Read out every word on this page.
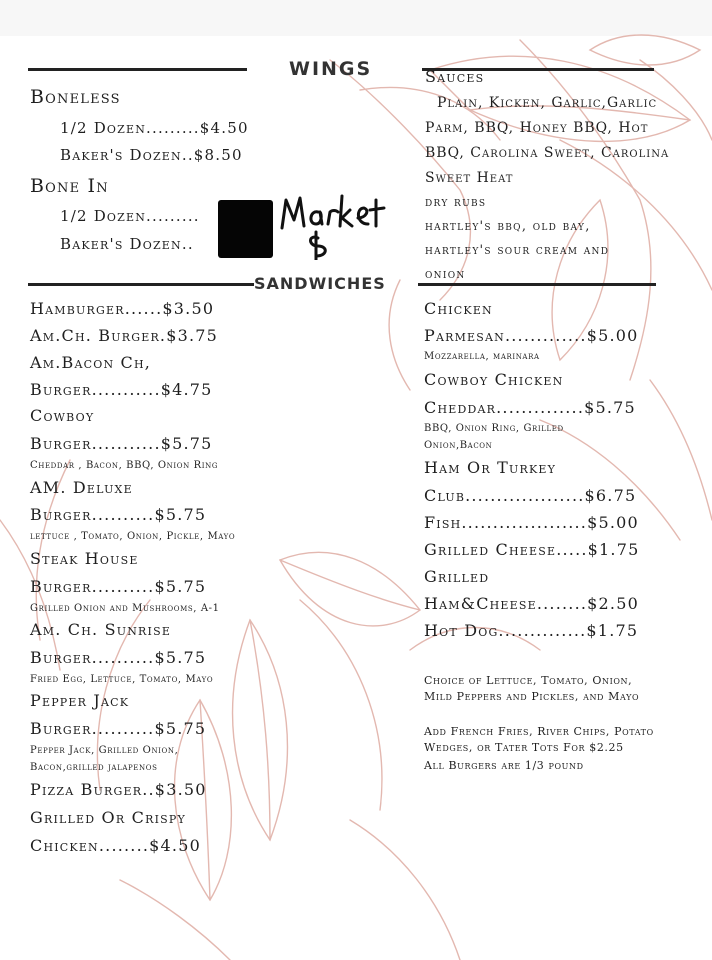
WINGS
Boneless
1/2 Dozen.........$4.50
Baker's Dozen..$8.50
Bone In
1/2 Dozen.........
Baker's Dozen..
Sauces
Plain, Kicken, Garlic,Garlic
Parm, BBQ, Honey BBQ, Hot
BBQ, Carolina Sweet, Carolina
Sweet Heat
dry rubs
hartley's bbq, old bay,
hartley's sour cream and
onion
SANDWICHES
Hamburger......$3.50
Am.Ch. Burger.$3.75
Am.Bacon Ch,
Burger...........$4.75
Cowboy
Burger...........$5.75
Cheddar , Bacon, BBQ, Onion Ring
AM. Deluxe
Burger..........$5.75
lettuce , Tomato, Onion, Pickle, Mayo
Steak House
Burger..........$5.75
Grilled Onion and Mushrooms, A-1
Am. Ch. Sunrise
Burger..........$5.75
Fried Egg, Lettuce, Tomato, Mayo
Pepper Jack
Burger..........$5.75
Pepper Jack, Grilled Onion,
Bacon,grilled jalapenos
Pizza Burger..$3.50
Grilled Or Crispy
Chicken........$4.50
Chicken
Parmesan.............$5.00
Mozzarella, marinara
Cowboy Chicken
Cheddar..............$5.75
BBQ, Onion Ring, Grilled
Onion,Bacon
Ham Or Turkey
Club...................$6.75
Fish....................$5.00
Grilled Cheese.....$1.75
Grilled
Ham&Cheese........$2.50
Hot Dog..............$1.75
Choice of Lettuce, Tomato, Onion,
Mild Peppers and Pickles, and Mayo
Add French Fries, River Chips, Potato
Wedges, or Tater Tots For $2.25
All Burgers are 1/3 pound
